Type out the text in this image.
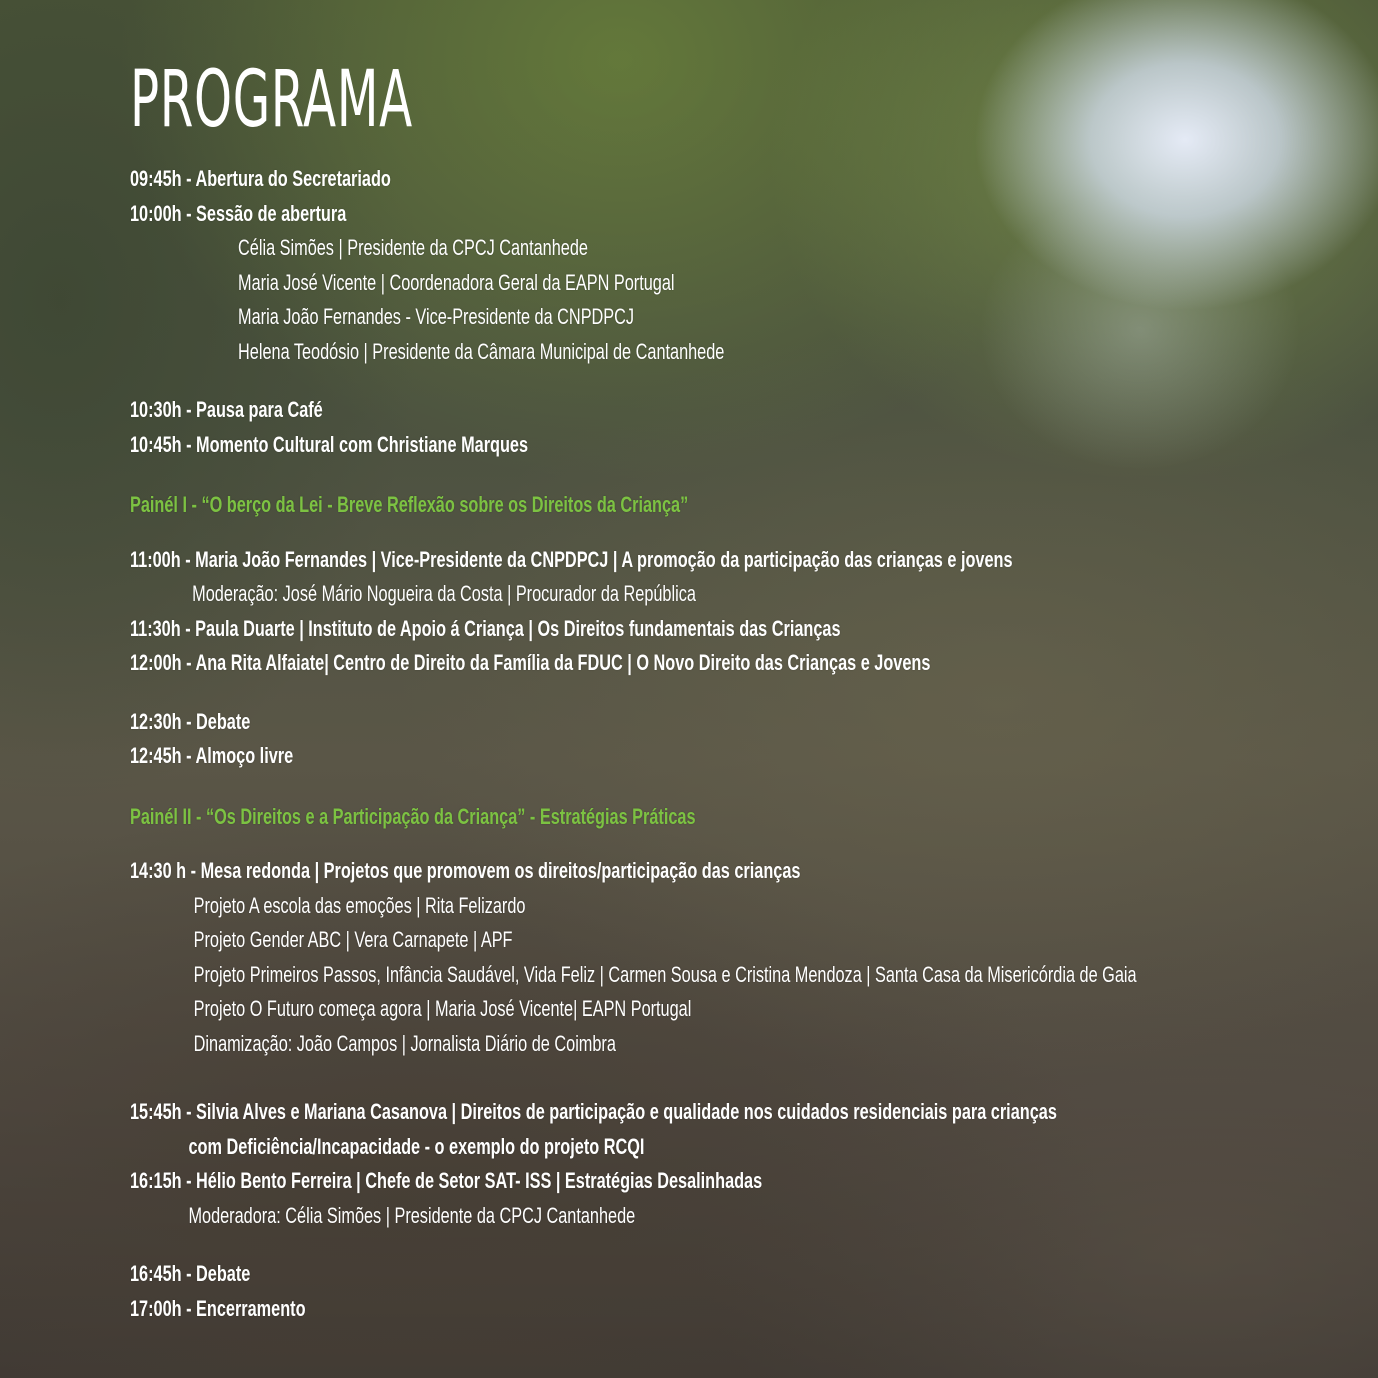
PROGRAMA
09:45h - Abertura do Secretariado
10:00h - Sessão de abertura
Célia Simões | Presidente da CPCJ Cantanhede
Maria José Vicente | Coordenadora Geral da EAPN Portugal
Maria João Fernandes - Vice-Presidente da CNPDPCJ
Helena Teodósio | Presidente da Câmara Municipal de Cantanhede
10:30h - Pausa para Café
10:45h - Momento Cultural com Christiane Marques
Painél I - “O berço da Lei - Breve Reflexão sobre os Direitos da Criança”
11:00h - Maria João Fernandes | Vice-Presidente da CNPDPCJ | A promoção da participação das crianças e jovens
Moderação: José Mário Nogueira da Costa | Procurador da República
11:30h - Paula Duarte | Instituto de Apoio á Criança | Os Direitos fundamentais das Crianças
12:00h - Ana Rita Alfaiate| Centro de Direito da Família da FDUC | O Novo Direito das Crianças e Jovens
12:30h - Debate
12:45h - Almoço livre
Painél II - “Os Direitos e a Participação da Criança” - Estratégias Práticas
14:30 h - Mesa redonda | Projetos que promovem os direitos/participação das crianças
Projeto A escola das emoções | Rita Felizardo
Projeto Gender ABC | Vera Carnapete | APF
Projeto Primeiros Passos, Infância Saudável, Vida Feliz | Carmen Sousa e Cristina Mendoza | Santa Casa da Misericórdia de Gaia
Projeto O Futuro começa agora | Maria José Vicente| EAPN Portugal
Dinamização: João Campos | Jornalista Diário de Coimbra
15:45h - Silvia Alves e Mariana Casanova | Direitos de participação e qualidade nos cuidados residenciais para crianças
com Deficiência/Incapacidade - o exemplo do projeto RCQI
16:15h - Hélio Bento Ferreira | Chefe de Setor SAT- ISS | Estratégias Desalinhadas
Moderadora: Célia Simões | Presidente da CPCJ Cantanhede
16:45h - Debate
17:00h - Encerramento
